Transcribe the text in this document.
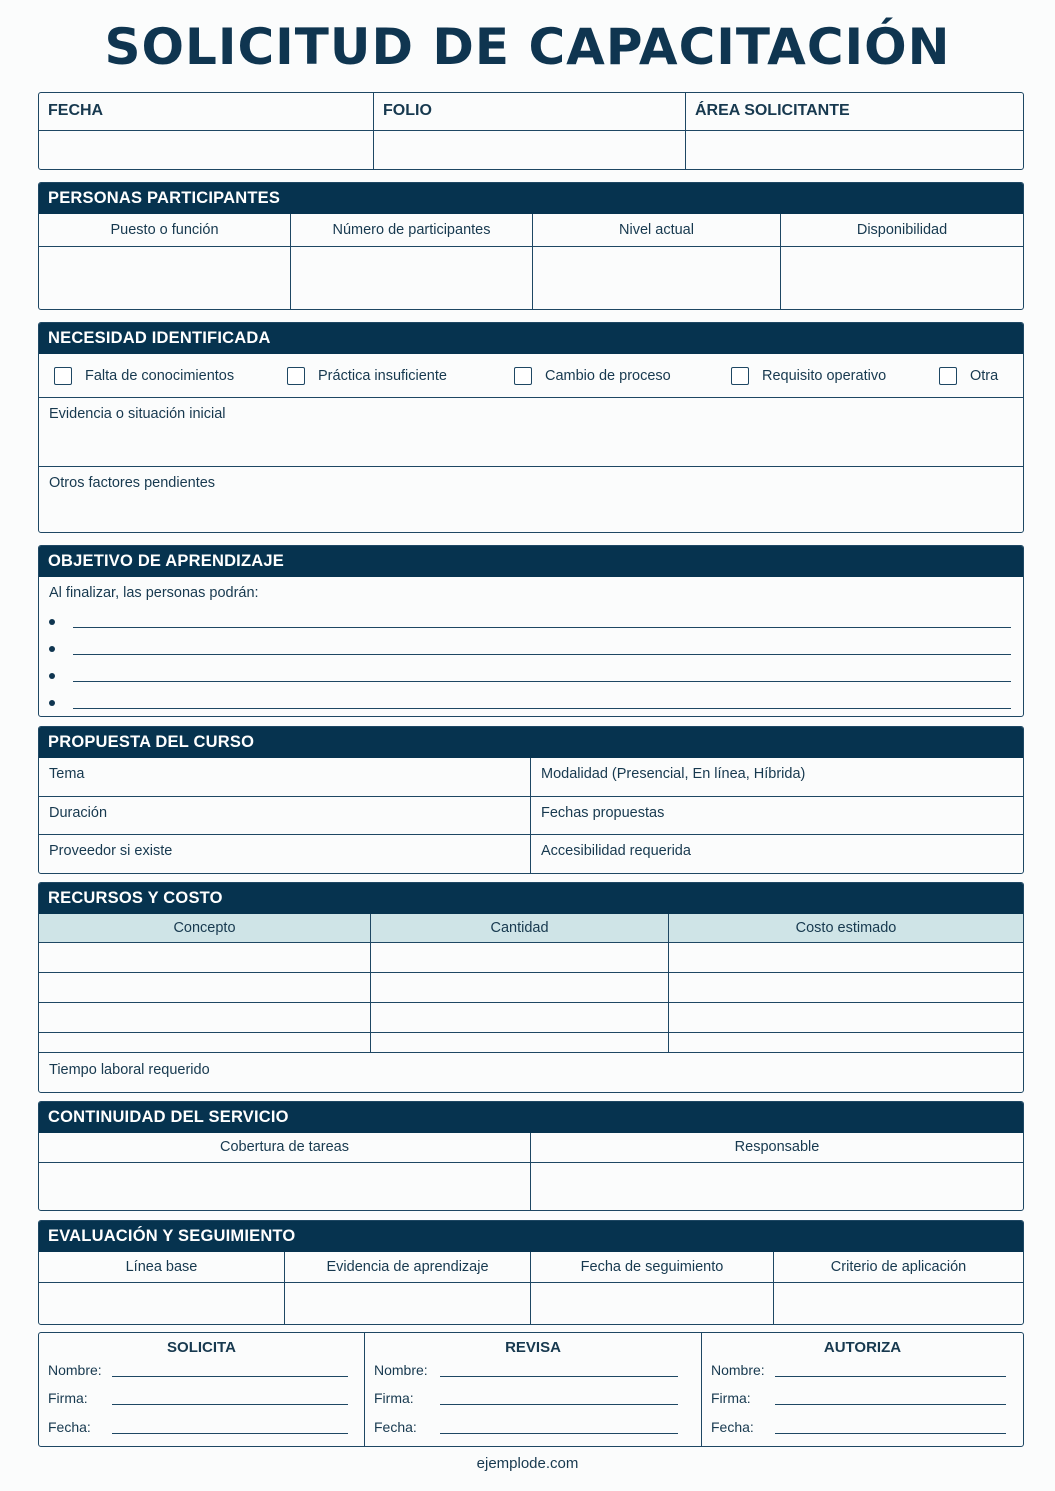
SOLICITUD DE CAPACITACIÓN
FECHA	FOLIO	ÁREA SOLICITANTE
PERSONAS PARTICIPANTES
Puesto o función	Número de participantes	Nivel actual	Disponibilidad
NECESIDAD IDENTIFICADA
Falta de conocimientos	Práctica insuficiente	Cambio de proceso	Requisito operativo	Otra
Evidencia o situación inicial
Otros factores pendientes
OBJETIVO DE APRENDIZAJE
Al finalizar, las personas podrán:
PROPUESTA DEL CURSO
Tema	Modalidad (Presencial, En línea, Híbrida)
Duración	Fechas propuestas
Proveedor si existe	Accesibilidad requerida
RECURSOS Y COSTO
Concepto	Cantidad	Costo estimado
Tiempo laboral requerido
CONTINUIDAD DEL SERVICIO
Cobertura de tareas	Responsable
EVALUACIÓN Y SEGUIMIENTO
Línea base	Evidencia de aprendizaje	Fecha de seguimiento	Criterio de aplicación
SOLICITA
Nombre:
Firma:
Fecha:
REVISA
Nombre:
Firma:
Fecha:
AUTORIZA
Nombre:
Firma:
Fecha:
ejemplode.com
